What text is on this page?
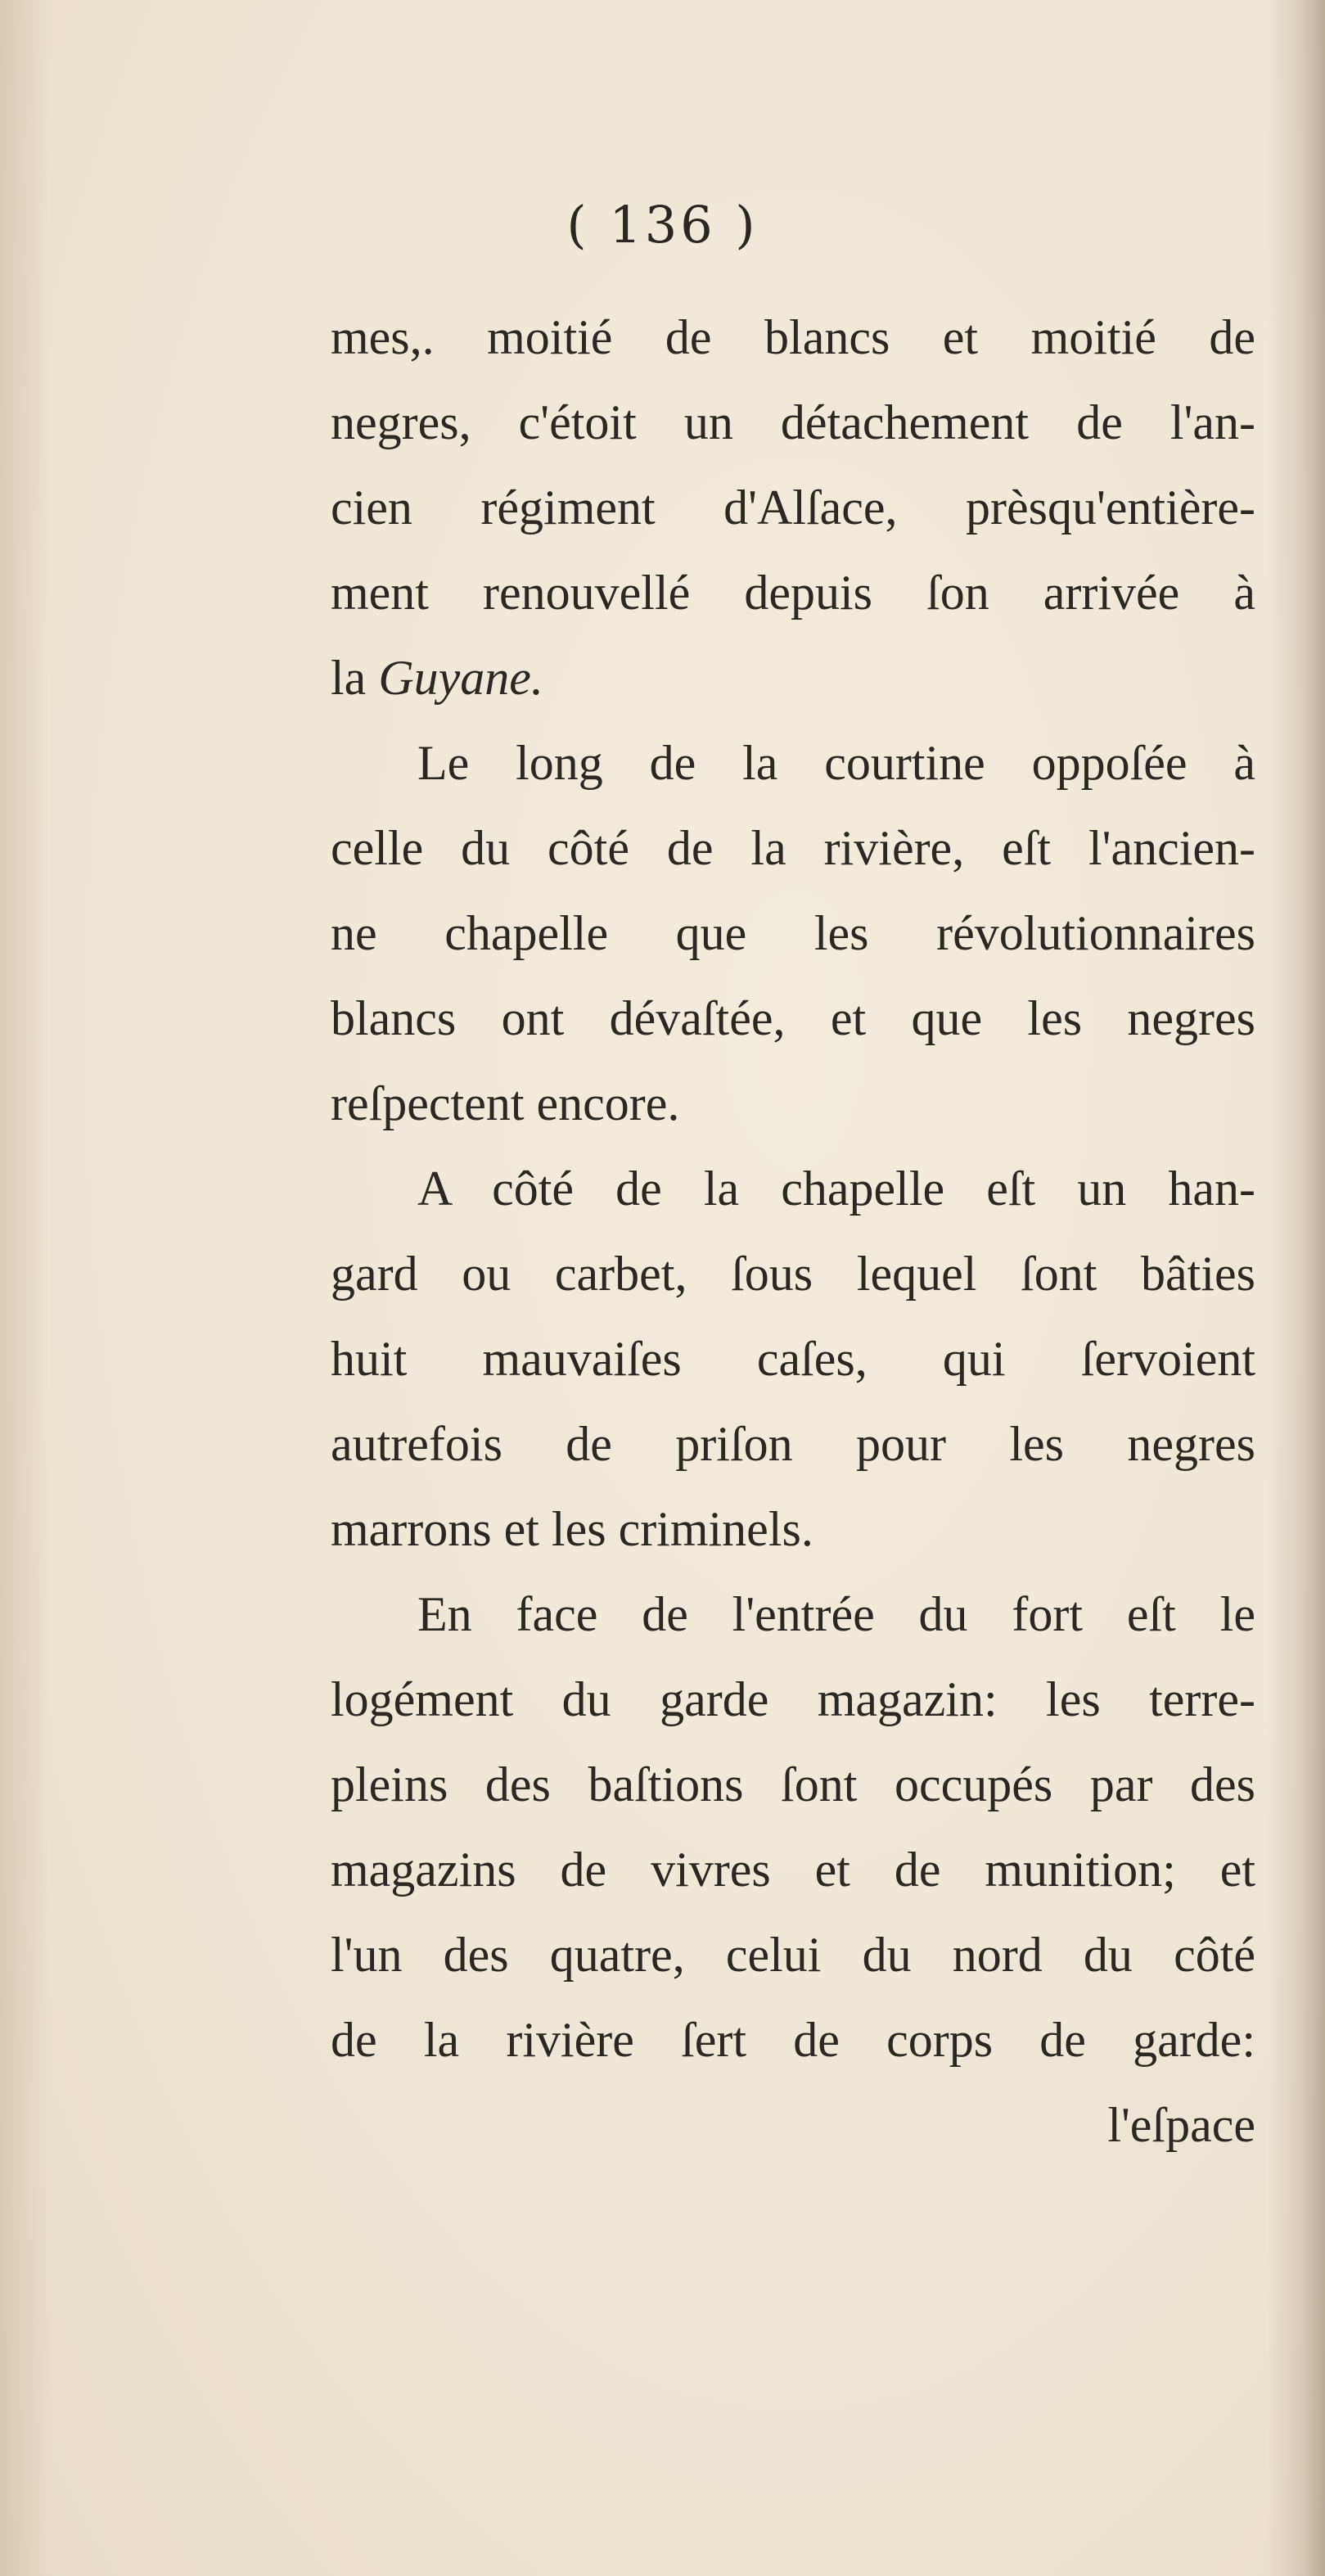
( 136 )

mes,. moitié de blancs et moitié de
negres, c'étoit un détachement de l'an-
cien régiment d'Alſace, prèsqu'entière-
ment renouvellé depuis ſon arrivée à
la Guyane.

Le long de la courtine oppoſée à
celle du côté de la rivière, eſt l'ancien-
ne chapelle que les révolutionnaires
blancs ont dévaſtée, et que les negres
reſpectent encore.

A côté de la chapelle eſt un han-
gard ou carbet, ſous lequel ſont bâties
huit mauvaiſes caſes, qui ſervoient
autrefois de priſon pour les negres
marrons et les criminels.

En face de l'entrée du fort eſt le
logément du garde magazin: les terre-
pleins des baſtions ſont occupés par des
magazins de vivres et de munition; et
l'un des quatre, celui du nord du côté
de la rivière ſert de corps de garde:

l'eſpace
